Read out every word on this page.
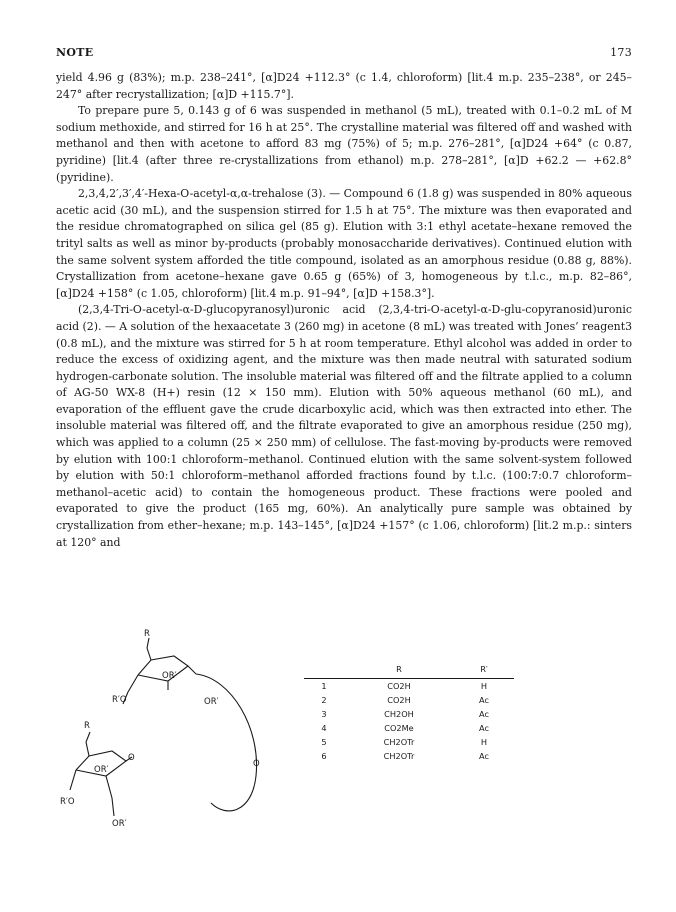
NOTE	173

yield 4.96 g (83%); m.p. 238–241°, [α]D24 +112.3° (c 1.4, chloroform) [lit.4 m.p. 235–238°, or 245–247° after recrystallization; [α]D +115.7°].

To prepare pure 5, 0.143 g of 6 was suspended in methanol (5 mL), treated with 0.1–0.2 mL of M sodium methoxide, and stirred for 16 h at 25°. The crystalline material was filtered off and washed with methanol and then with acetone to afford 83 mg (75%) of 5; m.p. 276–281°, [α]D24 +64° (c 0.87, pyridine) [lit.4 (after three re-crystallizations from ethanol) m.p. 278–281°, [α]D +62.2 — +62.8° (pyridine).

2,3,4,2′,3′,4′-Hexa-O-acetyl-α,α-trehalose (3). — Compound 6 (1.8 g) was suspended in 80% aqueous acetic acid (30 mL), and the suspension stirred for 1.5 h at 75°. The mixture was then evaporated and the residue chromatographed on silica gel (85 g). Elution with 3:1 ethyl acetate–hexane removed the trityl salts as well as minor by-products (probably monosaccharide derivatives). Continued elution with the same solvent system afforded the title compound, isolated as an amorphous residue (0.88 g, 88%). Crystallization from acetone–hexane gave 0.65 g (65%) of 3, homogeneous by t.l.c., m.p. 82–86°, [α]D24 +158° (c 1.05, chloroform) [lit.4 m.p. 91–94°, [α]D +158.3°].

(2,3,4-Tri-O-acetyl-α-D-glucopyranosyl)uronic acid (2,3,4-tri-O-acetyl-α-D-glu-copyranosid)uronic acid (2). — A solution of the hexaacetate 3 (260 mg) in acetone (8 mL) was treated with Jones’ reagent3 (0.8 mL), and the mixture was stirred for 5 h at room temperature. Ethyl alcohol was added in order to reduce the excess of oxidizing agent, and the mixture was then made neutral with saturated sodium hydrogen-carbonate solution. The insoluble material was filtered off and the filtrate applied to a column of AG-50 WX-8 (H+) resin (12 × 150 mm). Elution with 50% aqueous methanol (60 mL), and evaporation of the effluent gave the crude dicarboxylic acid, which was then extracted into ether. The insoluble material was filtered off, and the filtrate evaporated to give an amorphous residue (250 mg), which was applied to a column (25 × 250 mm) of cellulose. The fast-moving by-products were removed by elution with 100:1 chloroform–methanol. Continued elution with the same solvent-system followed by elution with 50:1 chloroform–methanol afforded fractions found by t.l.c. (100:7:0.7 chloroform–methanol–acetic acid) to contain the homogeneous product. These fractions were pooled and evaporated to give the product (165 mg, 60%). An analytically pure sample was obtained by crystallization from ether–hexane; m.p. 143–145°, [α]D24 +157° (c 1.06, chloroform) [lit.2 m.p.: sinters at 120° and

R
OR′
R′O	OR′
R
O
O
OR′
R′O
OR′
R	R′
1	CO2H	H
2	CO2H	Ac
3	CH2OH	Ac
4	CO2Me	Ac
5	CH2OTr	H
6	CH2OTr	Ac
